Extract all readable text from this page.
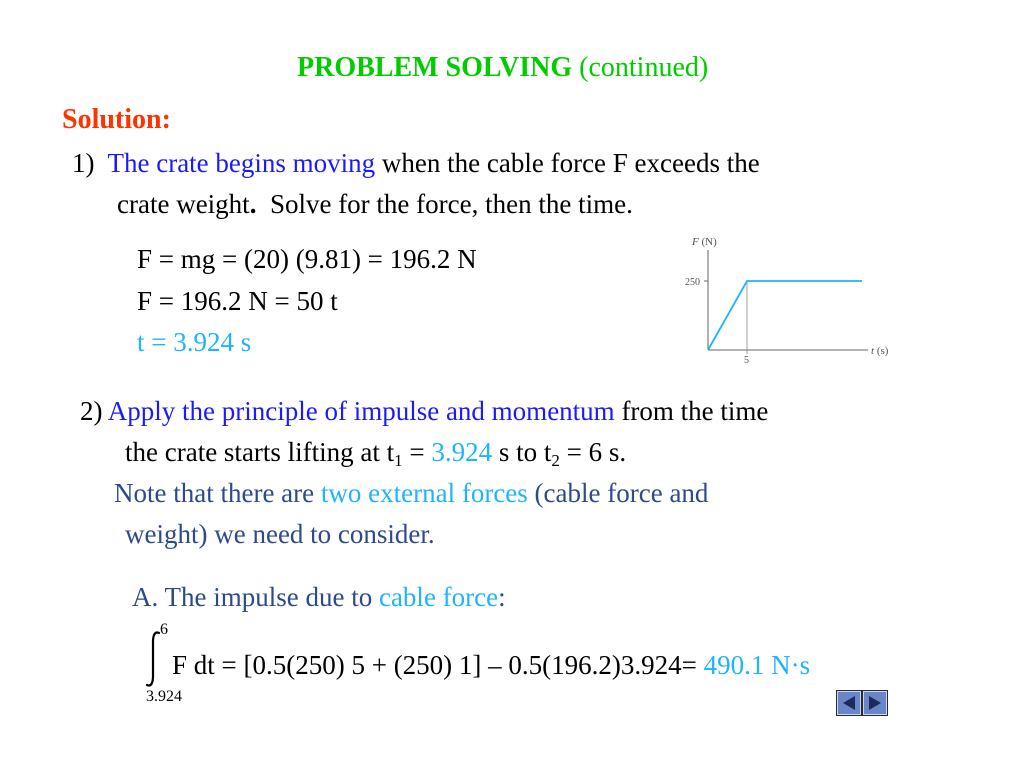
PROBLEM SOLVING (continued)
Solution:
1) The crate begins moving when the cable force F exceeds the
crate weight.  Solve for the force, then the time.
F = mg = (20) (9.81) = 196.2 N
F = 196.2 N = 50 t
t = 3.924 s
F (N)
250
5
t (s)
2) Apply the principle of impulse and momentum from the time
the crate starts lifting at $t_1 = 3.924$ s to $t_2 = 6$ s.
Note that there are two external forces (cable force and
weight) we need to consider.
A. The impulse due to cable force:
6
3.924
F dt = [0.5(250) 5 + (250) 1] – 0.5(196.2)3.924= 490.1 N·s
